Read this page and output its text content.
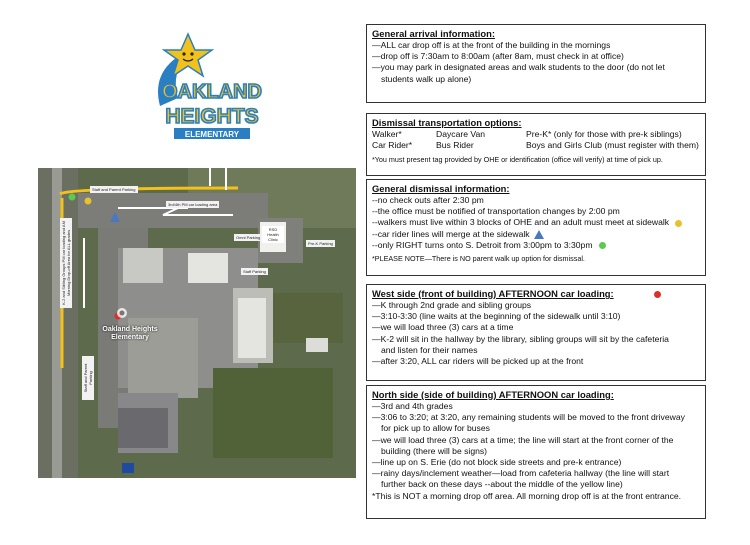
OAKLAND
HEIGHTS
ELEMENTARY
Staff and Parent Parking
3rd/4th PM car loading area
K-2 and Sibling Groups PM car loading and AM Morning Drop-off Area for ALL grades	Omni Parking
RSD Health Clinic
Pre-K Parking
Staff Parking
Oakland Heights Elementary
Staff and Parent Parking
General arrival information:
—ALL car drop off is at the front of the building in the mornings
—drop off is 7:30am to 8:00am (after 8am, must check in at office)
—you may park in designated areas and walk students to the door (do not let
students walk up alone)
Dismissal transportation options:
Walker*	Daycare Van	Pre-K* (only for those with pre-k siblings)
Car Rider*	Bus Rider	Boys and Girls Club (must register with them)
*You must present tag provided by OHE or identification (office will verify) at time of pick up.
General dismissal information:
--no check outs after 2:30 pm
--the office must be notified of transportation changes by 2:00 pm
--walkers must live within 3 blocks of OHE and an adult must meet at sidewalk
--car rider lines will merge at the sidewalk
--only RIGHT turns onto S. Detroit from 3:00pm to 3:30pm
*PLEASE NOTE—There is NO parent walk up option for dismissal.
West side (front of building) AFTERNOON car loading:
—K through 2nd grade and sibling groups
—3:10-3:30 (line waits at the beginning of the sidewalk until 3:10)
—we will load three (3) cars at a time
—K-2 will sit in the hallway by the library, sibling groups will sit by the cafeteria
and listen for their names
—after 3:20, ALL car riders will be picked up at the front
North side (side of building) AFTERNOON car loading:
—3rd and 4th grades
—3:06 to 3:20; at 3:20, any remaining students will be moved to the front driveway
for pick up to allow for buses
—we will load three (3) cars at a time; the line will start at the front corner of the
building (there will be signs)
—line up on S. Erie (do not block side streets and pre-k entrance)
—rainy days/inclement weather—load from cafeteria hallway (the line will start
further back on these days --about the middle of the yellow line)
*This is NOT a morning drop off area. All morning drop off is at the front entrance.
